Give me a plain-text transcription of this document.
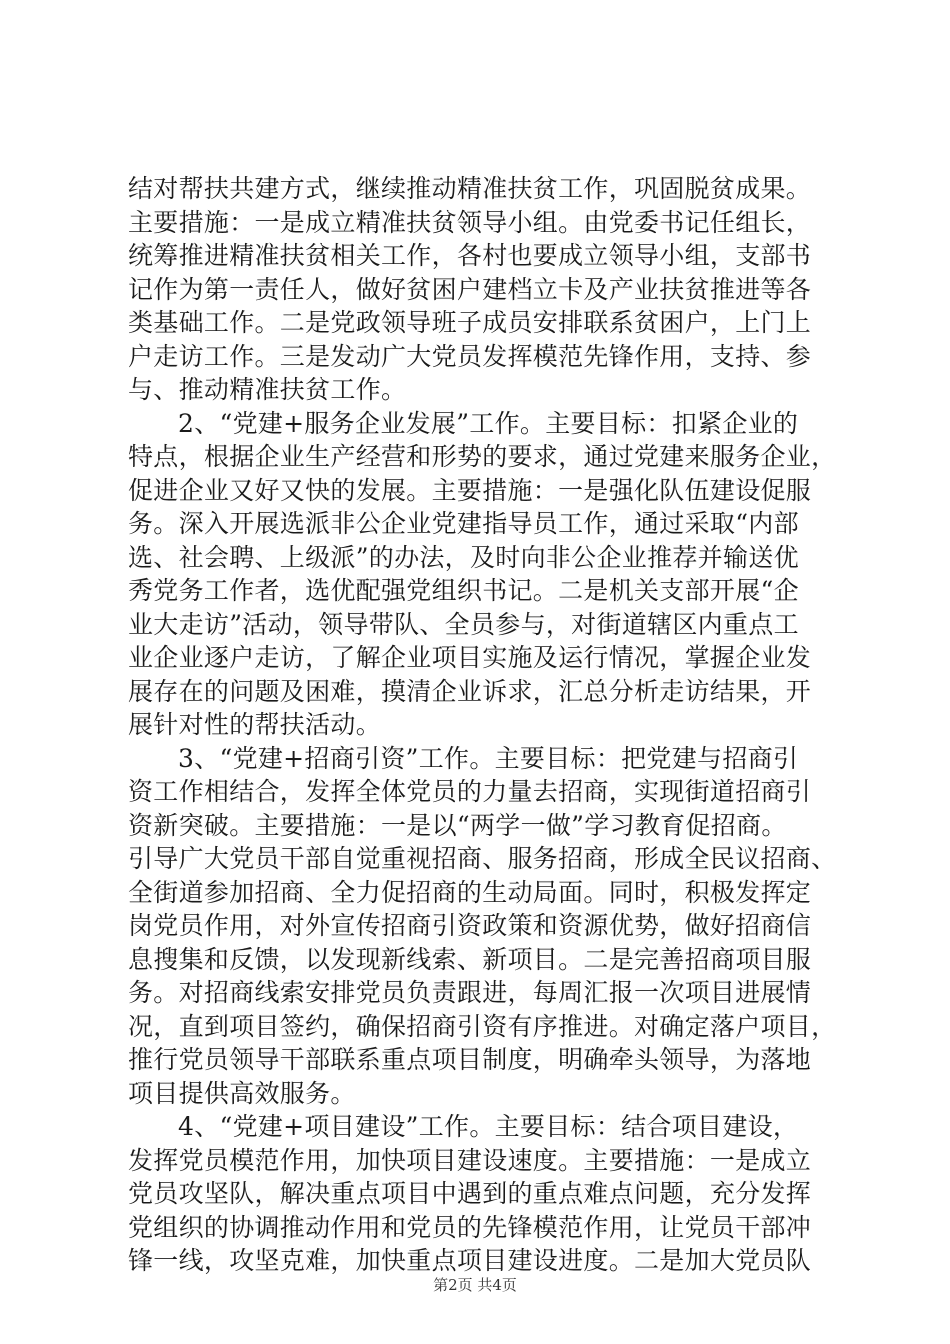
结对帮扶共建方式，继续推动精准扶贫工作，巩固脱贫成果。
主要措施：一是成立精准扶贫领导小组。由党委书记任组长，
统筹推进精准扶贫相关工作，各村也要成立领导小组，支部书
记作为第一责任人，做好贫困户建档立卡及产业扶贫推进等各
类基础工作。二是党政领导班子成员安排联系贫困户，上门上
户走访工作。三是发动广大党员发挥模范先锋作用，支持、参
与、推动精准扶贫工作。
2、“党建+服务企业发展”工作。主要目标：扣紧企业的
特点，根据企业生产经营和形势的要求，通过党建来服务企业，
促进企业又好又快的发展。主要措施：一是强化队伍建设促服
务。深入开展选派非公企业党建指导员工作，通过采取“内部
选、社会聘、上级派”的办法，及时向非公企业推荐并输送优
秀党务工作者，选优配强党组织书记。二是机关支部开展“企
业大走访”活动，领导带队、全员参与，对街道辖区内重点工
业企业逐户走访，了解企业项目实施及运行情况，掌握企业发
展存在的问题及困难，摸清企业诉求，汇总分析走访结果，开
展针对性的帮扶活动。
3、“党建+招商引资”工作。主要目标：把党建与招商引
资工作相结合，发挥全体党员的力量去招商，实现街道招商引
资新突破。主要措施：一是以“两学一做”学习教育促招商。
引导广大党员干部自觉重视招商、服务招商，形成全民议招商、
全街道参加招商、全力促招商的生动局面。同时，积极发挥定
岗党员作用，对外宣传招商引资政策和资源优势，做好招商信
息搜集和反馈，以发现新线索、新项目。二是完善招商项目服
务。对招商线索安排党员负责跟进，每周汇报一次项目进展情
况，直到项目签约，确保招商引资有序推进。对确定落户项目，
推行党员领导干部联系重点项目制度，明确牵头领导，为落地
项目提供高效服务。
4、“党建+项目建设”工作。主要目标：结合项目建设，
发挥党员模范作用，加快项目建设速度。主要措施：一是成立
党员攻坚队，解决重点项目中遇到的重点难点问题，充分发挥
党组织的协调推动作用和党员的先锋模范作用，让党员干部冲
锋一线，攻坚克难，加快重点项目建设进度。二是加大党员队
第2页 共4页
